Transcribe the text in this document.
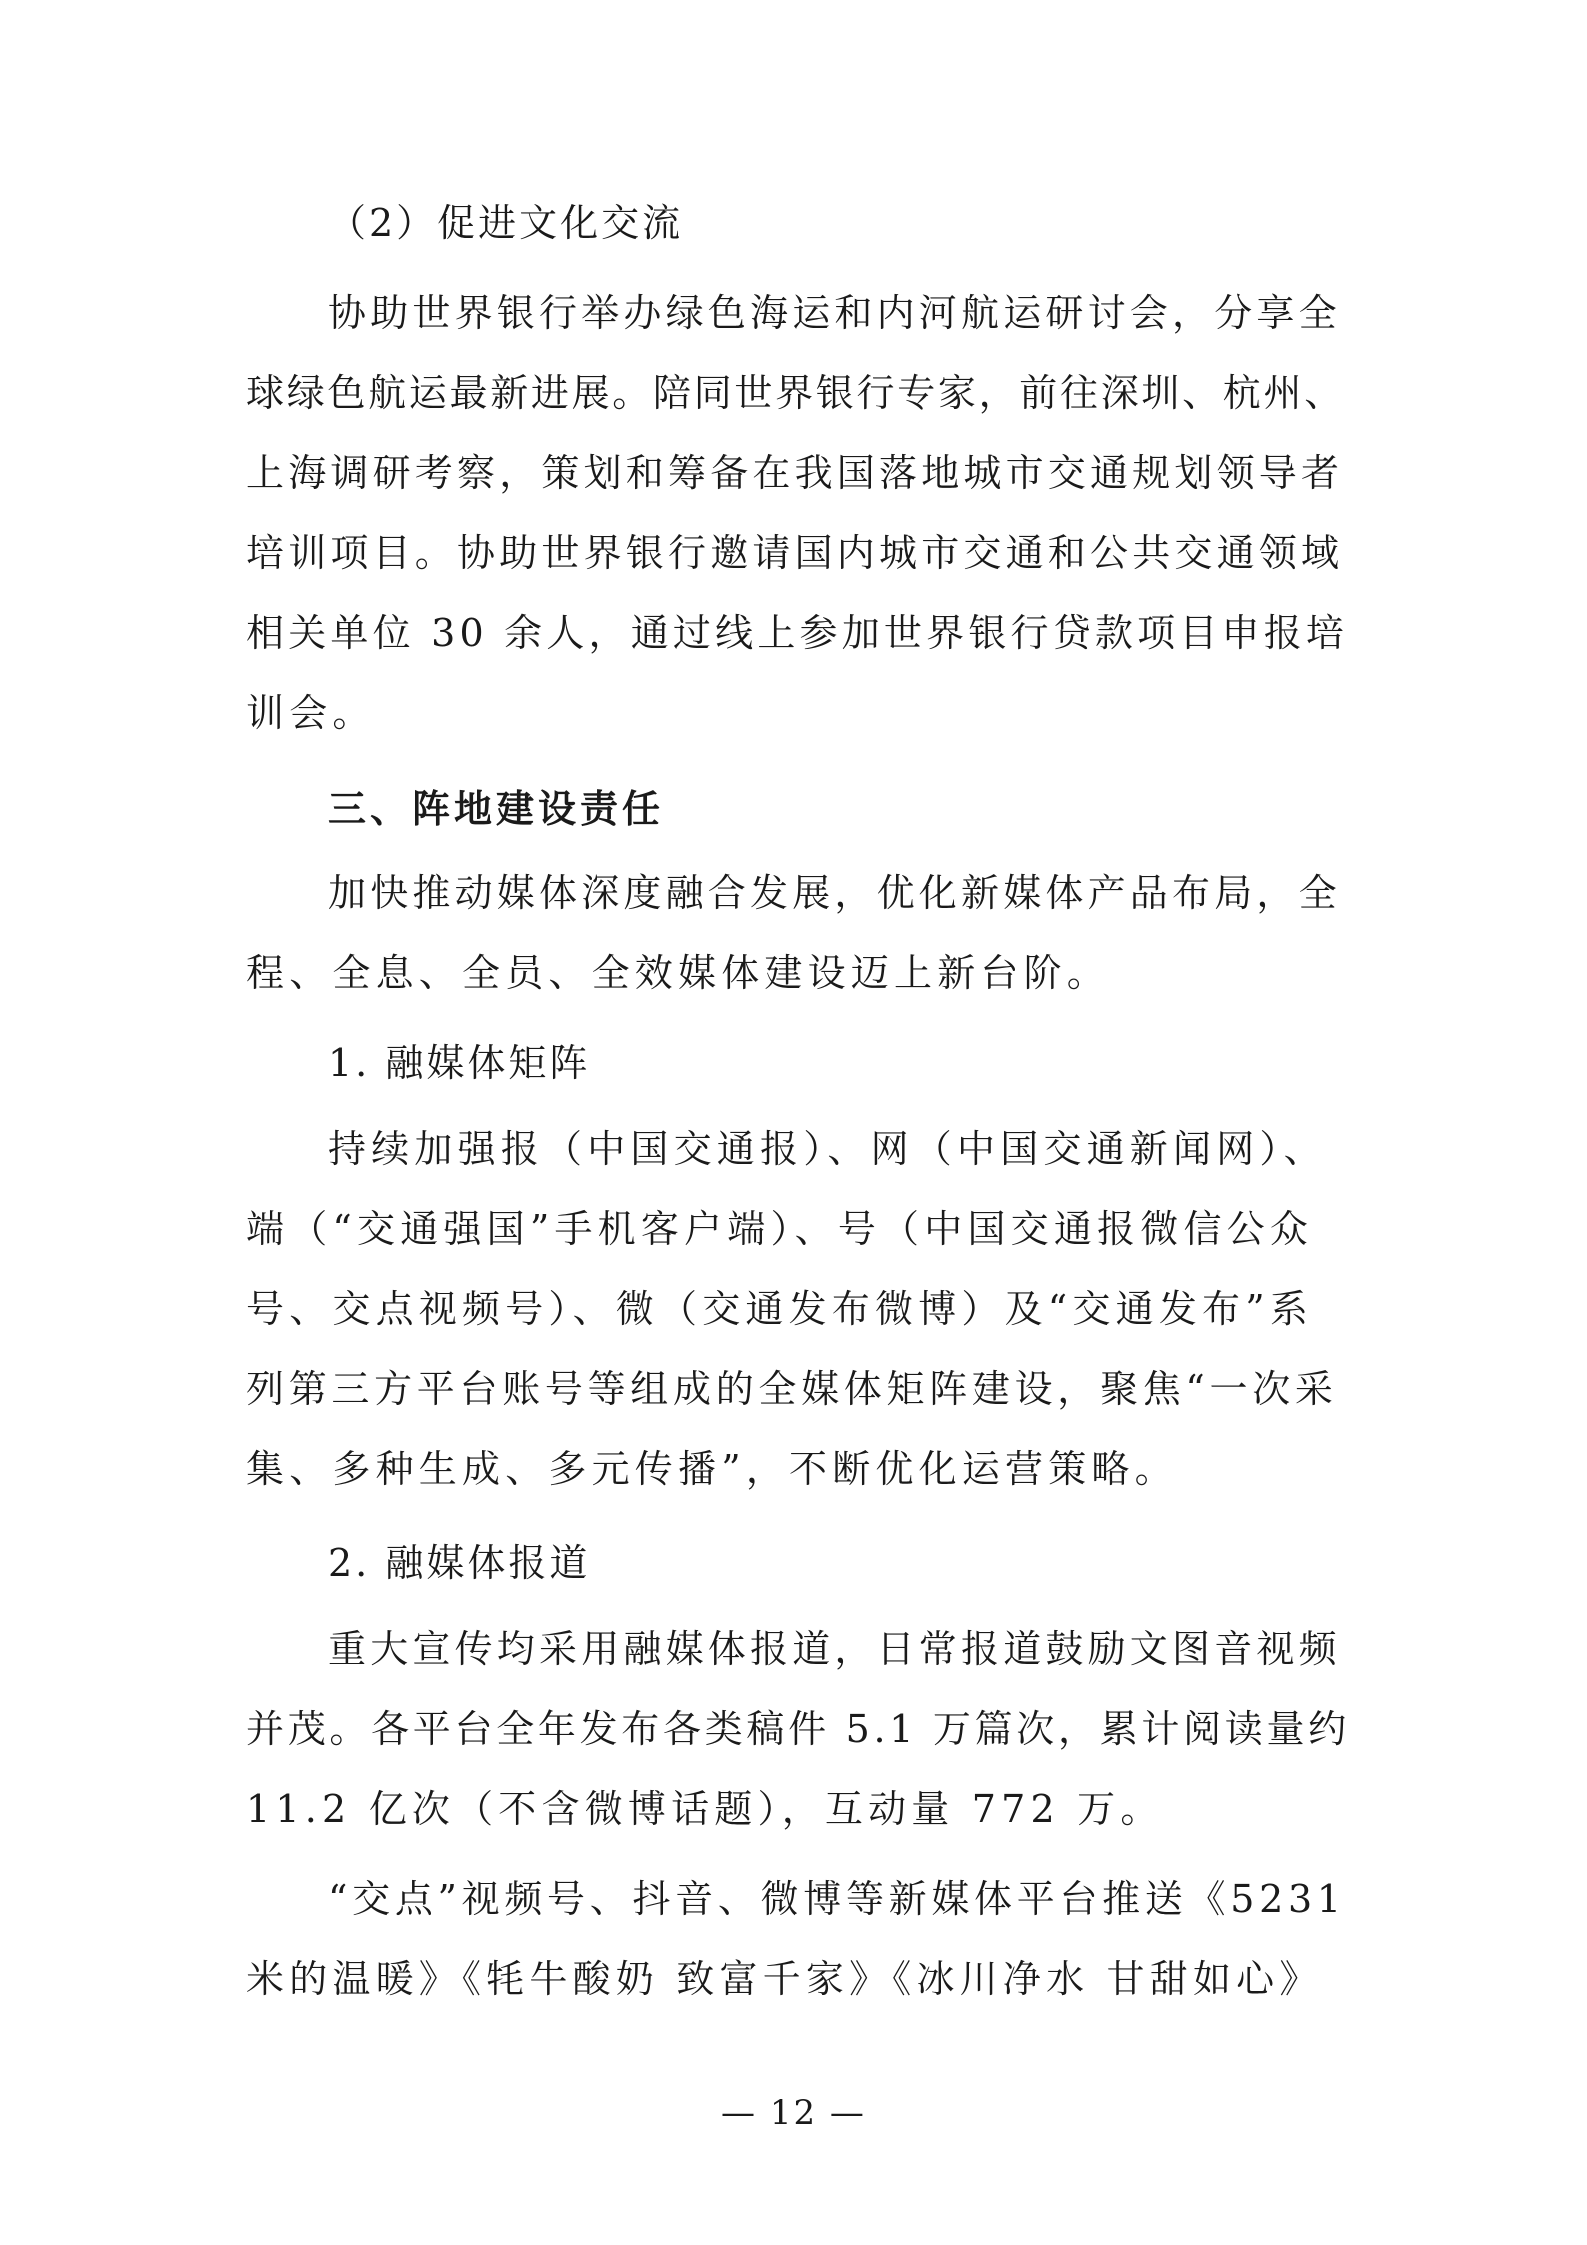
（2）促进文化交流
协助世界银行举办绿色海运和内河航运研讨会，分享全
球绿色航运最新进展。陪同世界银行专家，前往深圳、杭州、
上海调研考察，策划和筹备在我国落地城市交通规划领导者
培训项目。协助世界银行邀请国内城市交通和公共交通领域
相关单位 30 余人，通过线上参加世界银行贷款项目申报培
训会。
三、阵地建设责任
加快推动媒体深度融合发展，优化新媒体产品布局，全
程、全息、全员、全效媒体建设迈上新台阶。
1. 融媒体矩阵
持续加强报（中国交通报）、网（中国交通新闻网）、
端（“交通强国”手机客户端）、号（中国交通报微信公众
号、交点视频号）、微（交通发布微博）及“交通发布”系
列第三方平台账号等组成的全媒体矩阵建设，聚焦“一次采
集、多种生成、多元传播”，不断优化运营策略。
2. 融媒体报道
重大宣传均采用融媒体报道，日常报道鼓励文图音视频
并茂。各平台全年发布各类稿件 5.1 万篇次，累计阅读量约
11.2 亿次（不含微博话题），互动量 772 万。
“交点”视频号、抖音、微博等新媒体平台推送《5231
米的温暖》《牦牛酸奶 致富千家》《冰川净水 甘甜如心》
— 12 —
